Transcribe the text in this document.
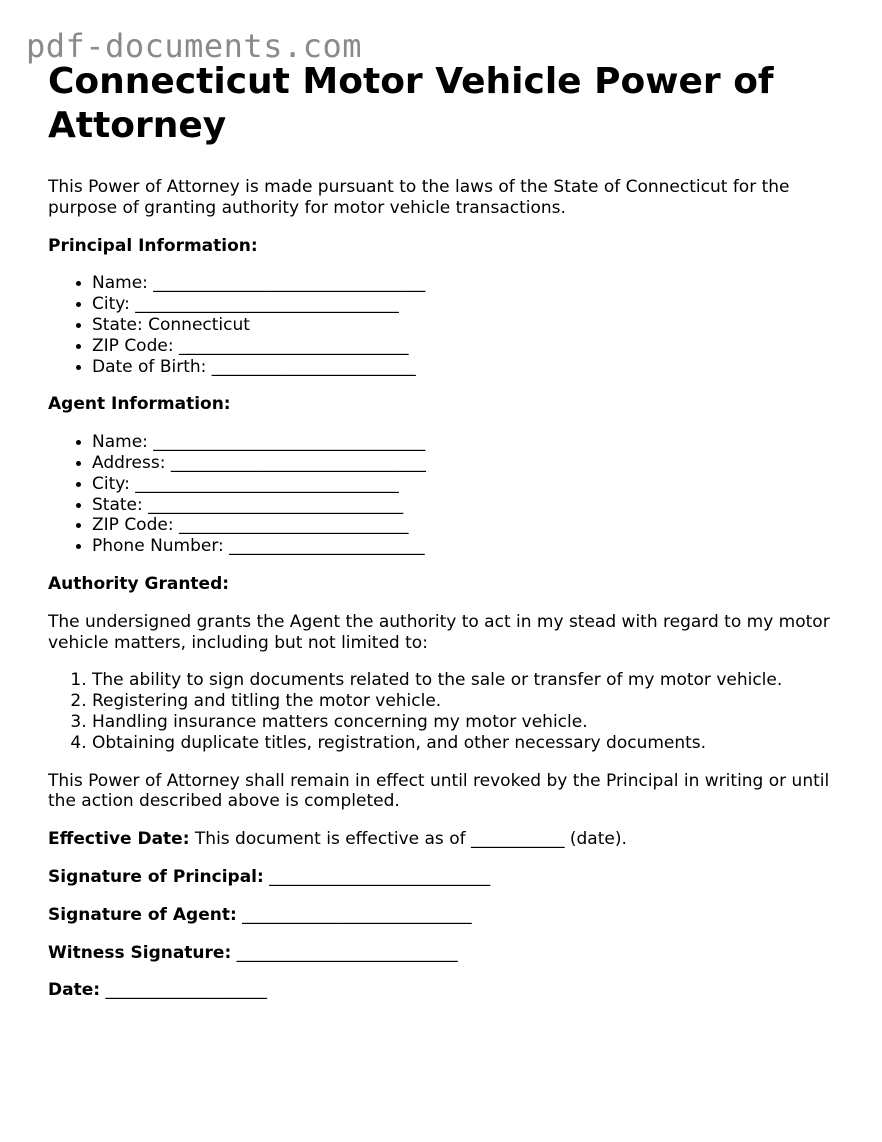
pdf-documents.com
Connecticut Motor Vehicle Power of Attorney

This Power of Attorney is made pursuant to the laws of the State of Connecticut for the purpose of granting authority for motor vehicle transactions.

Principal Information:

• Name: ________________________________
• City: _______________________________
• State: Connecticut
• ZIP Code: ___________________________
• Date of Birth: ________________________

Agent Information:

• Name: ________________________________
• Address: ______________________________
• City: _______________________________
• State: ______________________________
• ZIP Code: ___________________________
• Phone Number: _______________________

Authority Granted:

The undersigned grants the Agent the authority to act in my stead with regard to my motor vehicle matters, including but not limited to:

1. The ability to sign documents related to the sale or transfer of my motor vehicle.
2. Registering and titling the motor vehicle.
3. Handling insurance matters concerning my motor vehicle.
4. Obtaining duplicate titles, registration, and other necessary documents.

This Power of Attorney shall remain in effect until revoked by the Principal in writing or until the action described above is completed.

Effective Date: This document is effective as of ___________ (date).

Signature of Principal: __________________________

Signature of Agent: ___________________________

Witness Signature: __________________________

Date: ___________________
